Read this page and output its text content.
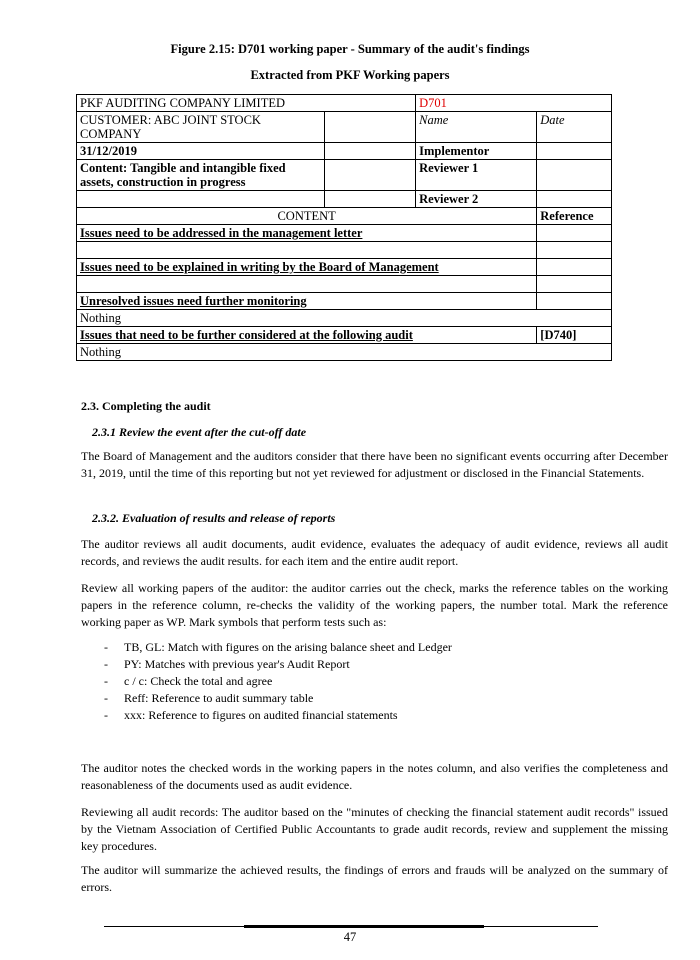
Figure 2.15: D701 working paper - Summary of the audit's findings
Extracted from PKF Working papers
PKF AUDITING COMPANY LIMITED		D701	
CUSTOMER: ABC JOINT STOCK COMPANY		Name	Date
31/12/2019		Implementor	
Content: Tangible and intangible fixed assets, construction in progress		Reviewer 1	
		Reviewer 2	
CONTENT			Reference
Issues need to be addressed in the management letter			

Issues need to be explained in writing by the Board of Management			

Unresolved issues need further monitoring			
Nothing			
Issues that need to be further considered at the following audit			[D740]
Nothing			
2.3. Completing the audit
2.3.1 Review the event after the cut-off date
The Board of Management and the auditors consider that there have been no significant events occurring after December 31, 2019, until the time of this reporting but not yet reviewed for adjustment or disclosed in the Financial Statements.
2.3.2. Evaluation of results and release of reports
The auditor reviews all audit documents, audit evidence, evaluates the adequacy of audit evidence, reviews all audit records, and reviews the audit results. for each item and the entire audit report.
Review all working papers of the auditor: the auditor carries out the check, marks the reference tables on the working papers in the reference column, re-checks the validity of the working papers, the number total. Mark the reference working paper as WP. Mark symbols that perform tests such as:
- TB, GL: Match with figures on the arising balance sheet and Ledger
- PY: Matches with previous year's Audit Report
- c / c: Check the total and agree
- Reff: Reference to audit summary table
- xxx: Reference to figures on audited financial statements
The auditor notes the checked words in the working papers in the notes column, and also verifies the completeness and reasonableness of the documents used as audit evidence.
Reviewing all audit records: The auditor based on the "minutes of checking the financial statement audit records" issued by the Vietnam Association of Certified Public Accountants to grade audit records, review and supplement the missing key procedures.
The auditor will summarize the achieved results, the findings of errors and frauds will be analyzed on the summary of errors.
47
